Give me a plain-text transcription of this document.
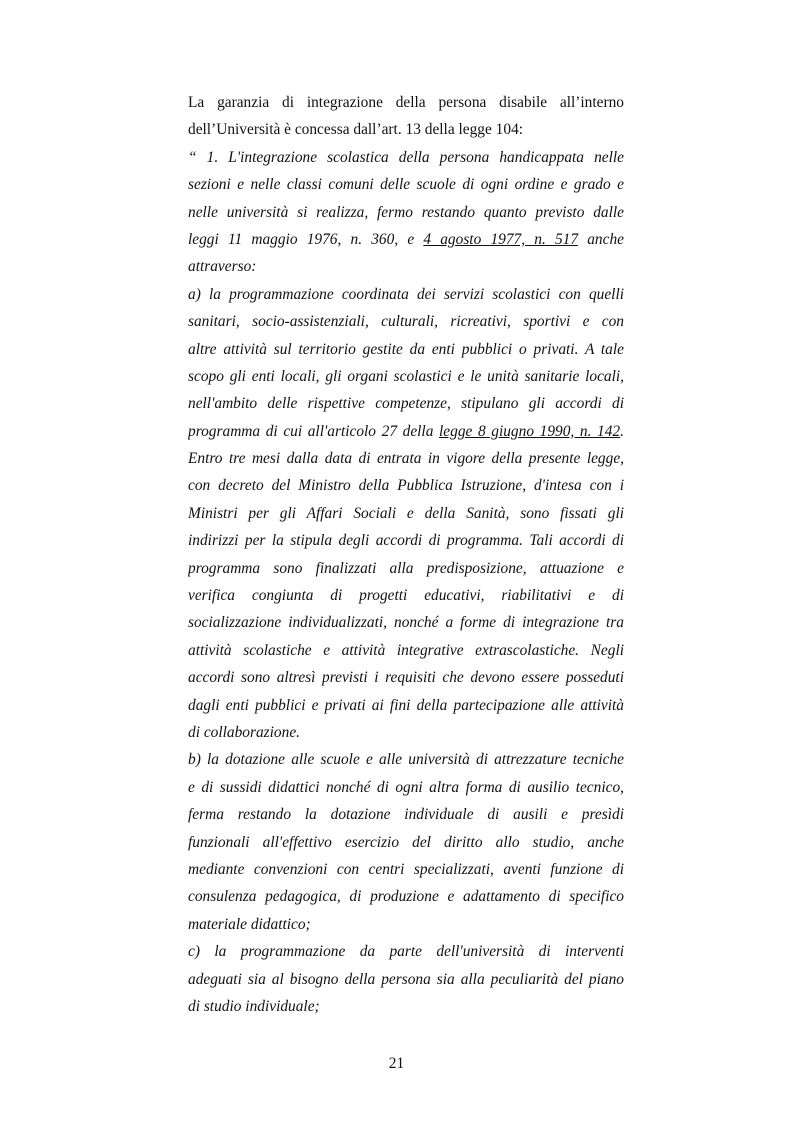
La garanzia di integrazione della persona disabile all’interno
dell’Università è concessa dall’art. 13 della legge 104:
“ 1. L'integrazione scolastica della persona handicappata nelle
sezioni e nelle classi comuni delle scuole di ogni ordine e grado e
nelle università si realizza, fermo restando quanto previsto dalle
leggi 11 maggio 1976, n. 360, e 4 agosto 1977, n. 517 anche
attraverso:
a) la programmazione coordinata dei servizi scolastici con quelli
sanitari, socio-assistenziali, culturali, ricreativi, sportivi e con
altre attività sul territorio gestite da enti pubblici o privati. A tale
scopo gli enti locali, gli organi scolastici e le unità sanitarie locali,
nell'ambito delle rispettive competenze, stipulano gli accordi di
programma di cui all'articolo 27 della legge 8 giugno 1990, n. 142.
Entro tre mesi dalla data di entrata in vigore della presente legge,
con decreto del Ministro della Pubblica Istruzione, d'intesa con i
Ministri per gli Affari Sociali e della Sanità, sono fissati gli
indirizzi per la stipula degli accordi di programma. Tali accordi di
programma sono finalizzati alla predisposizione, attuazione e
verifica congiunta di progetti educativi, riabilitativi e di
socializzazione individualizzati, nonché a forme di integrazione tra
attività scolastiche e attività integrative extrascolastiche. Negli
accordi sono altresì previsti i requisiti che devono essere posseduti
dagli enti pubblici e privati ai fini della partecipazione alle attività
di collaborazione.
b) la dotazione alle scuole e alle università di attrezzature tecniche
e di sussidi didattici nonché di ogni altra forma di ausilio tecnico,
ferma restando la dotazione individuale di ausili e presìdi
funzionali all'effettivo esercizio del diritto allo studio, anche
mediante convenzioni con centri specializzati, aventi funzione di
consulenza pedagogica, di produzione e adattamento di specifico
materiale didattico;
c) la programmazione da parte dell'università di interventi
adeguati sia al bisogno della persona sia alla peculiarità del piano
di studio individuale;
21
